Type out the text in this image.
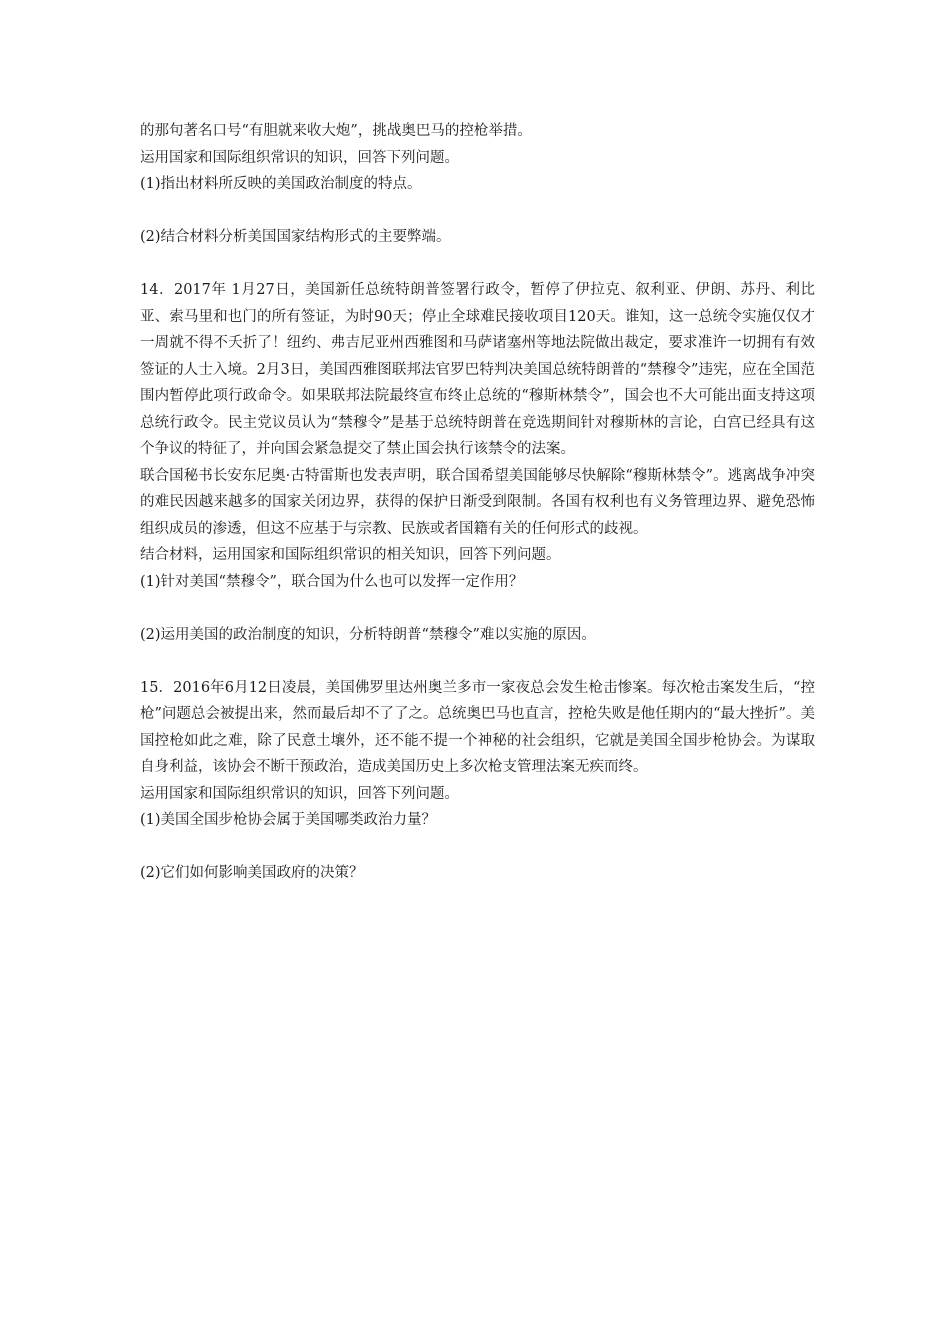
的那句著名口号“有胆就来收大炮”，挑战奥巴马的控枪举措。

运用国家和国际组织常识的知识，回答下列问题。

(1)指出材料所反映的美国政治制度的特点。

(2)结合材料分析美国国家结构形式的主要弊端。

14．2017年 1月27日，美国新任总统特朗普签署行政令，暂停了伊拉克、叙利亚、伊朗、苏丹、利比亚、索马里和也门的所有签证，为时90天；停止全球难民接收项目120天。谁知，这一总统令实施仅仅才一周就不得不夭折了！纽约、弗吉尼亚州西雅图和马萨诸塞州等地法院做出裁定，要求准许一切拥有有效签证的人士入境。2月3日，美国西雅图联邦法官罗巴特判决美国总统特朗普的“禁穆令”违宪，应在全国范围内暂停此项行政命令。如果联邦法院最终宣布终止总统的“穆斯林禁令”，国会也不大可能出面支持这项总统行政令。民主党议员认为“禁穆令”是基于总统特朗普在竞选期间针对穆斯林的言论，白宫已经具有这个争议的特征了，并向国会紧急提交了禁止国会执行该禁令的法案。

联合国秘书长安东尼奥·古特雷斯也发表声明，联合国希望美国能够尽快解除“穆斯林禁令”。逃离战争冲突的难民因越来越多的国家关闭边界，获得的保护日渐受到限制。各国有权利也有义务管理边界、避免恐怖组织成员的渗透，但这不应基于与宗教、民族或者国籍有关的任何形式的歧视。

结合材料，运用国家和国际组织常识的相关知识，回答下列问题。

(1)针对美国“禁穆令”，联合国为什么也可以发挥一定作用？

(2)运用美国的政治制度的知识，分析特朗普“禁穆令”难以实施的原因。

15．2016年6月12日凌晨，美国佛罗里达州奥兰多市一家夜总会发生枪击惨案。每次枪击案发生后，“控枪”问题总会被提出来，然而最后却不了了之。总统奥巴马也直言，控枪失败是他任期内的“最大挫折”。美国控枪如此之难，除了民意土壤外，还不能不提一个神秘的社会组织，它就是美国全国步枪协会。为谋取自身利益，该协会不断干预政治，造成美国历史上多次枪支管理法案无疾而终。

运用国家和国际组织常识的知识，回答下列问题。

(1)美国全国步枪协会属于美国哪类政治力量？

(2)它们如何影响美国政府的决策？
